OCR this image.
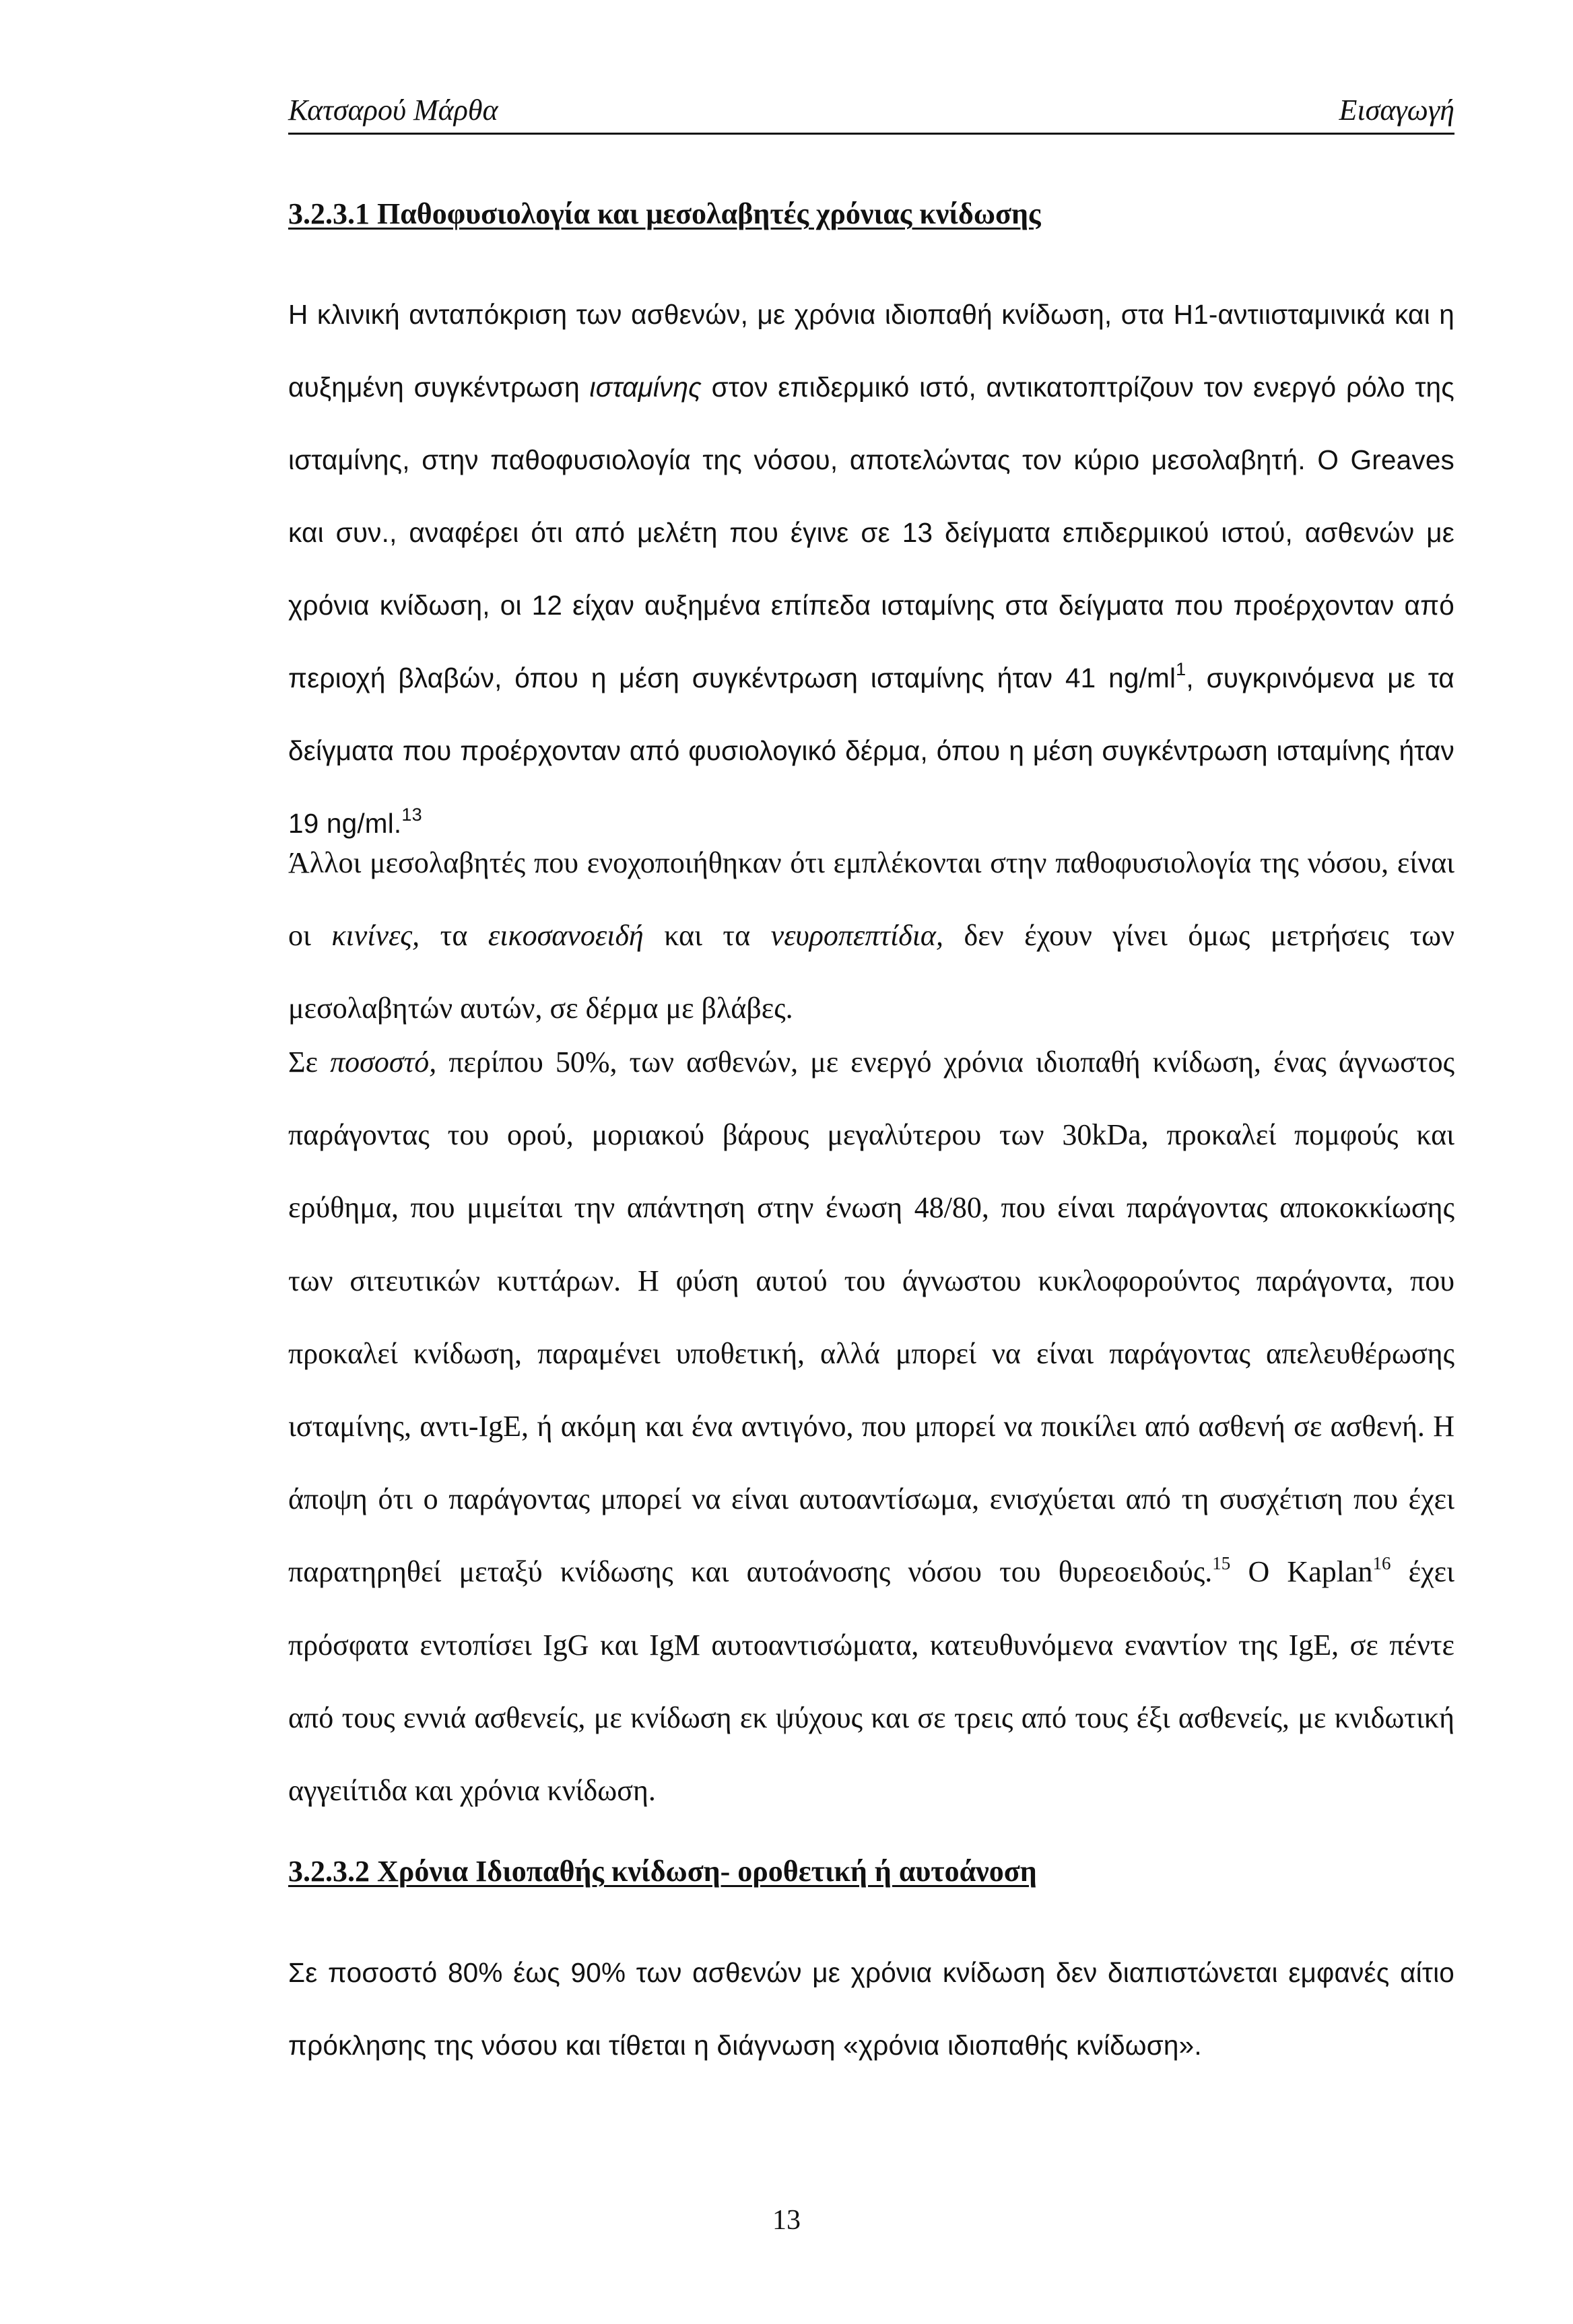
Κατσαρού Μάρθα	Εισαγωγή
3.2.3.1 Παθοφυσιολογία και μεσολαβητές χρόνιας κνίδωσης

Η κλινική ανταπόκριση των ασθενών, με χρόνια ιδιοπαθή κνίδωση, στα Η1-αντιισταμινικά και η αυξημένη συγκέντρωση ισταμίνης στον επιδερμικό ιστό, αντικατοπτρίζουν τον ενεργό ρόλο της ισταμίνης, στην παθοφυσιολογία της νόσου, αποτελώντας τον κύριο μεσολαβητή. Ο Greaves και συν., αναφέρει ότι από μελέτη που έγινε σε 13 δείγματα επιδερμικού ιστού, ασθενών με χρόνια κνίδωση, οι 12 είχαν αυξημένα επίπεδα ισταμίνης στα δείγματα που προέρχονταν από περιοχή βλαβών, όπου η μέση συγκέντρωση ισταμίνης ήταν 41 $ng/ml^1$, συγκρινόμενα με τα δείγματα που προέρχονταν από φυσιολογικό δέρμα, όπου η μέση συγκέντρωση ισταμίνης ήταν 19 ng/ml.$^{13}$

Άλλοι μεσολαβητές που ενοχοποιήθηκαν ότι εμπλέκονται στην παθοφυσιολογία της νόσου, είναι οι κινίνες, τα εικοσανοειδή και τα νευροπεπτίδια, δεν έχουν γίνει όμως μετρήσεις των μεσολαβητών αυτών, σε δέρμα με βλάβες.

Σε ποσοστό, περίπου 50%, των ασθενών, με ενεργό χρόνια ιδιοπαθή κνίδωση, ένας άγνωστος παράγοντας του ορού, μοριακού βάρους μεγαλύτερου των 30kDa, προκαλεί πομφούς και ερύθημα, που μιμείται την απάντηση στην ένωση 48/80, που είναι παράγοντας αποκοκκίωσης των σιτευτικών κυττάρων. Η φύση αυτού του άγνωστου κυκλοφορούντος παράγοντα, που προκαλεί κνίδωση, παραμένει υποθετική, αλλά μπορεί να είναι παράγοντας απελευθέρωσης ισταμίνης, αντι-IgE, ή ακόμη και ένα αντιγόνο, που μπορεί να ποικίλει από ασθενή σε ασθενή. Η άποψη ότι ο παράγοντας μπορεί να είναι αυτοαντίσωμα, ενισχύεται από τη συσχέτιση που έχει παρατηρηθεί μεταξύ κνίδωσης και αυτοάνοσης νόσου του θυρεοειδούς.$^{15}$ Ο Kaplan$^{16}$ έχει πρόσφατα εντοπίσει IgG και IgM αυτοαντισώματα, κατευθυνόμενα εναντίον της IgE, σε πέντε από τους εννιά ασθενείς, με κνίδωση εκ ψύχους και σε τρεις από τους έξι ασθενείς, με κνιδωτική αγγειίτιδα και χρόνια κνίδωση.

3.2.3.2 Χρόνια Ιδιοπαθής κνίδωση- οροθετική ή αυτοάνοση

Σε ποσοστό 80% έως 90% των ασθενών με χρόνια κνίδωση δεν διαπιστώνεται εμφανές αίτιο πρόκλησης της νόσου και τίθεται η διάγνωση «χρόνια ιδιοπαθής κνίδωση».

13
